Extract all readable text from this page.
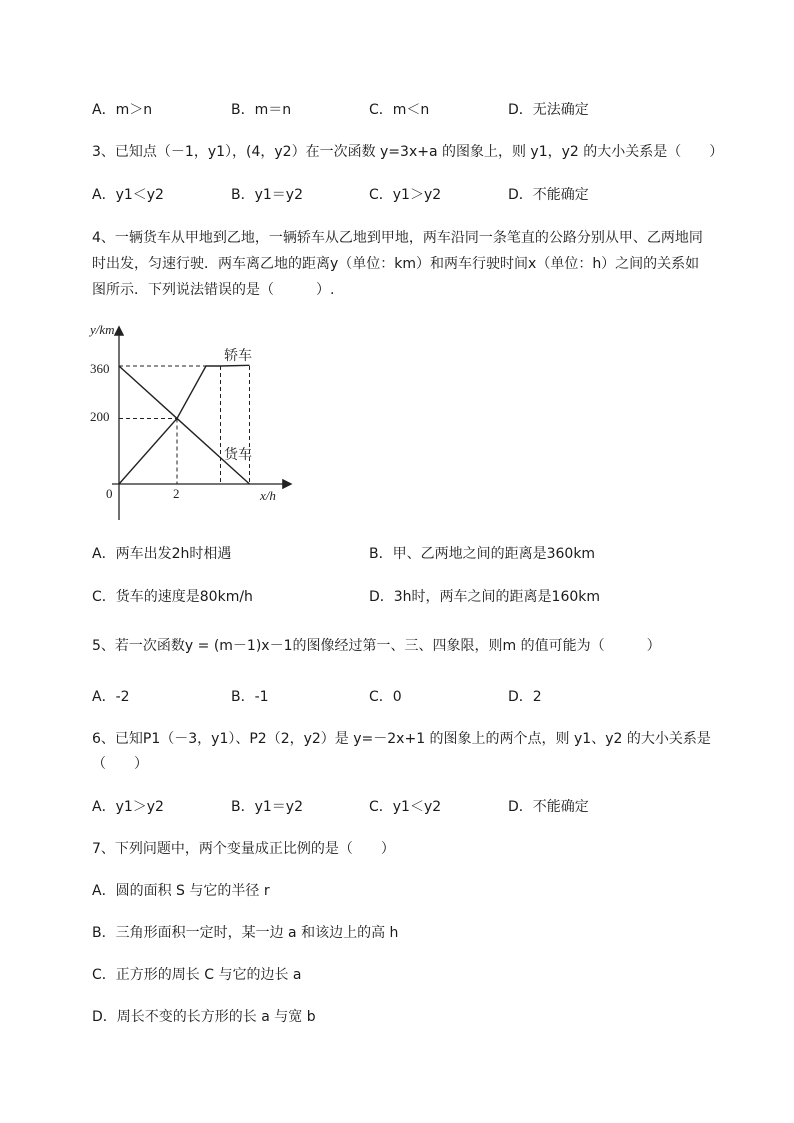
A．m＞n	B．m＝n	C．m＜n	D．无法确定
3、已知点（－1，y1），(4，y2）在一次函数 y=3x+a 的图象上，则 y1，y2 的大小关系是（　　）
A．y1＜y2	B．y1＝y2	C．y1＞y2	D．不能确定
4、一辆货车从甲地到乙地，一辆轿车从乙地到甲地，两车沿同一条笔直的公路分别从甲、乙两地同
时出发，匀速行驶．两车离乙地的距离y（单位：km）和两车行驶时间x（单位：h）之间的关系如
图所示．下列说法错误的是（　　　）.
y/km
x/h
0	2
200
360
轿车
货车
A．两车出发2h时相遇	B．甲、乙两地之间的距离是360km
C．货车的速度是80km/h	D．3h时，两车之间的距离是160km
5、若一次函数y = (m－1)x－1的图像经过第一、三、四象限，则m 的值可能为（　　　）
A．-2	B．-1	C．0	D．2
6、已知P1（－3，y1）、P2（2，y2）是 y=－2x+1 的图象上的两个点，则 y1、y2 的大小关系是
（　　）
A．y1＞y2	B．y1＝y2	C．y1＜y2	D．不能确定
7、下列问题中，两个变量成正比例的是（　　）
A．圆的面积 S 与它的半径 r
B．三角形面积一定时，某一边 a 和该边上的高 h
C．正方形的周长 C 与它的边长 a
D．周长不变的长方形的长 a 与宽 b
